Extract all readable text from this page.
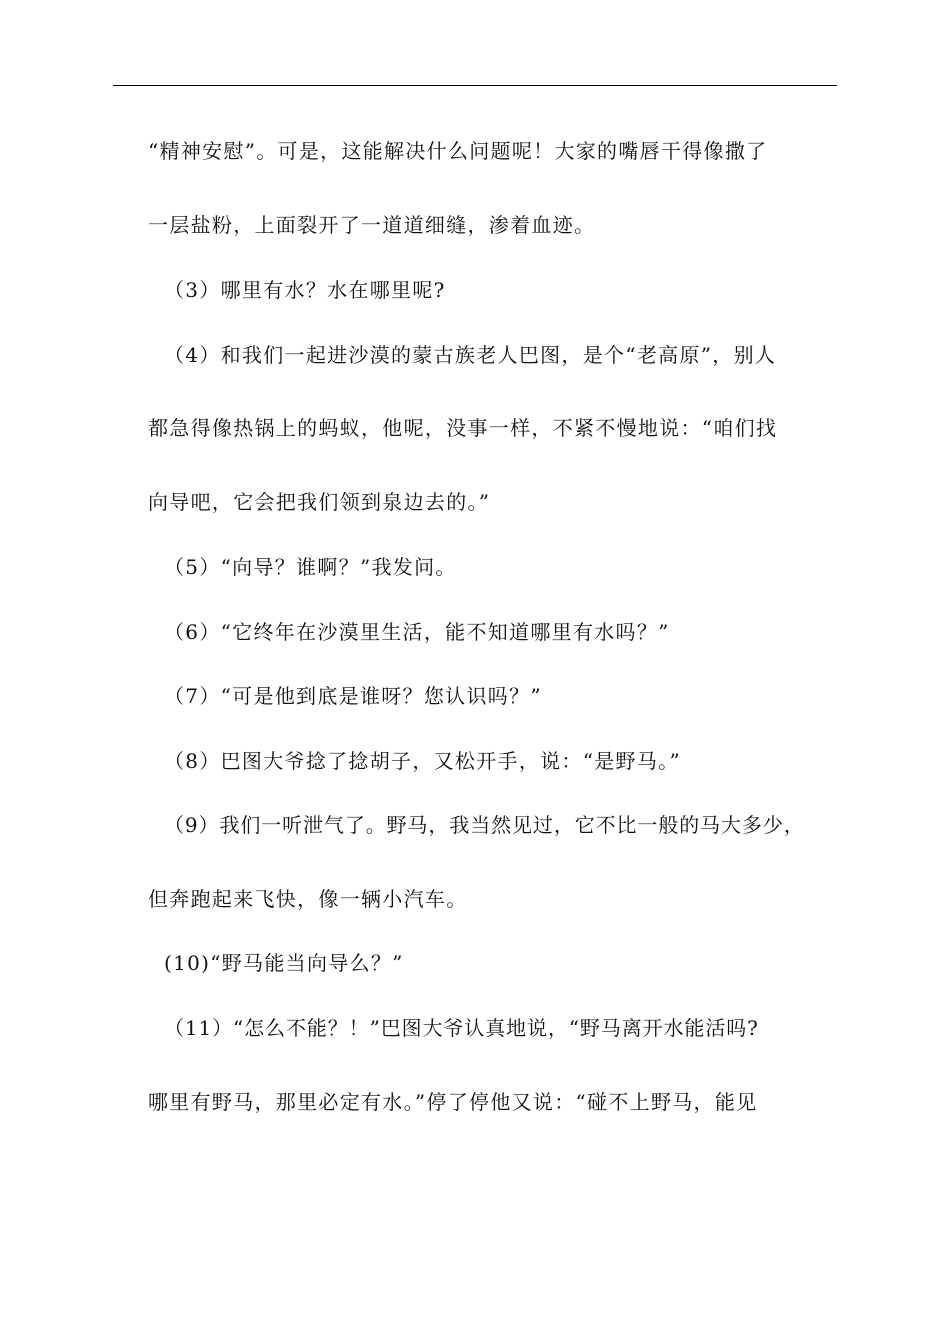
“精神安慰”。可是，这能解决什么问题呢！大家的嘴唇干得像撒了
一层盐粉，上面裂开了一道道细缝，渗着血迹。
（3）哪里有水？水在哪里呢?
（4）和我们一起进沙漠的蒙古族老人巴图，是个“老高原”，别人
都急得像热锅上的蚂蚁，他呢，没事一样，不紧不慢地说：“咱们找
向导吧，它会把我们领到泉边去的。”
（5）“向导？谁啊？”我发问。
（6）“它终年在沙漠里生活，能不知道哪里有水吗？”
（7）“可是他到底是谁呀？您认识吗？”
（8）巴图大爷捻了捻胡子，又松开手，说：“是野马。”
（9）我们一听泄气了。野马，我当然见过，它不比一般的马大多少，
但奔跑起来飞快，像一辆小汽车。
(10)“野马能当向导么？”
（11）“怎么不能？！”巴图大爷认真地说，“野马离开水能活吗?
哪里有野马，那里必定有水。”停了停他又说：“碰不上野马，能见
